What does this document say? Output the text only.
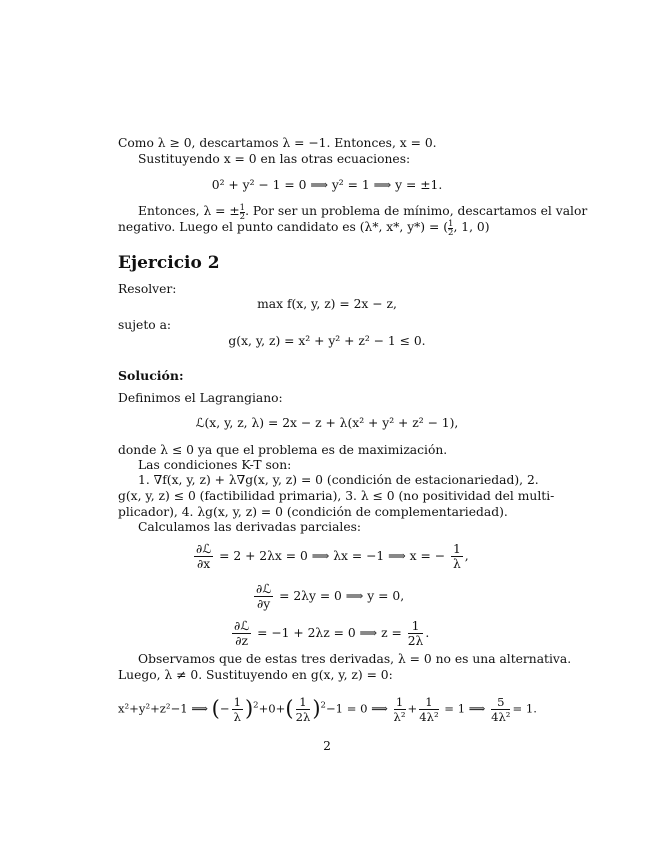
Como λ ≥ 0, descartamos λ = −1. Entonces, x = 0.
Sustituyendo x = 0 en las otras ecuaciones:
0² + y² − 1 = 0 ⟹ y² = 1 ⟹ y = ±1.
Entonces, λ = ± $\frac{1}{2}$ . Por ser un problema de mínimo, descartamos el valor
negativo. Luego el punto candidato es (λ*, x*, y*) = ( $\frac{1}{2}$ , 1, 0)
Ejercicio 2
Resolver:
max f(x, y, z) = 2x − z,
sujeto a:
g(x, y, z) = x² + y² + z² − 1 ≤ 0.
Solución:
Definimos el Lagrangiano:
ℒ(x, y, z, λ) = 2x − z + λ(x² + y² + z² − 1),
donde λ ≤ 0 ya que el problema es de maximización.
Las condiciones K-T son:
1. ∇f(x, y, z) + λ∇g(x, y, z) = 0 (condición de estacionariedad), 2.
g(x, y, z) ≤ 0 (factibilidad primaria), 3. λ ≤ 0 (no positividad del multi-
plicador), 4. λg(x, y, z) = 0 (condición de complementariedad).
Calculamos las derivadas parciales:
$\frac{\text{∂ℒ}}{\partial x} = 2 + 2\lambda x = 0$ ⟹ λx = −1 ⟹ x = − $\frac{1}{\lambda}$ ,
$\frac{\text{∂ℒ}}{\partial y} = 2\lambda y = 0$ ⟹ y = 0,
$\frac{\text{∂ℒ}}{\partial z} = -1 + 2\lambda z = 0$ ⟹ $z = \frac{1}{2\lambda}$ .
Observamos que de estas tres derivadas, λ = 0 no es una alternativa.
Luego, λ ≠ 0. Sustituyendo en g(x, y, z) = 0:
x²+y²+z²−1 ⟹ (− $\frac{1}{\lambda} )^2+0+( \frac{1}{2\lambda} )^2-1 = 0$ ⟹ $\frac{1}{\text{λ²}} + \frac{1}{\text{4λ²}} = 1$ ⟹ $\frac{5}{\text{4λ²}} = 1$.
2
